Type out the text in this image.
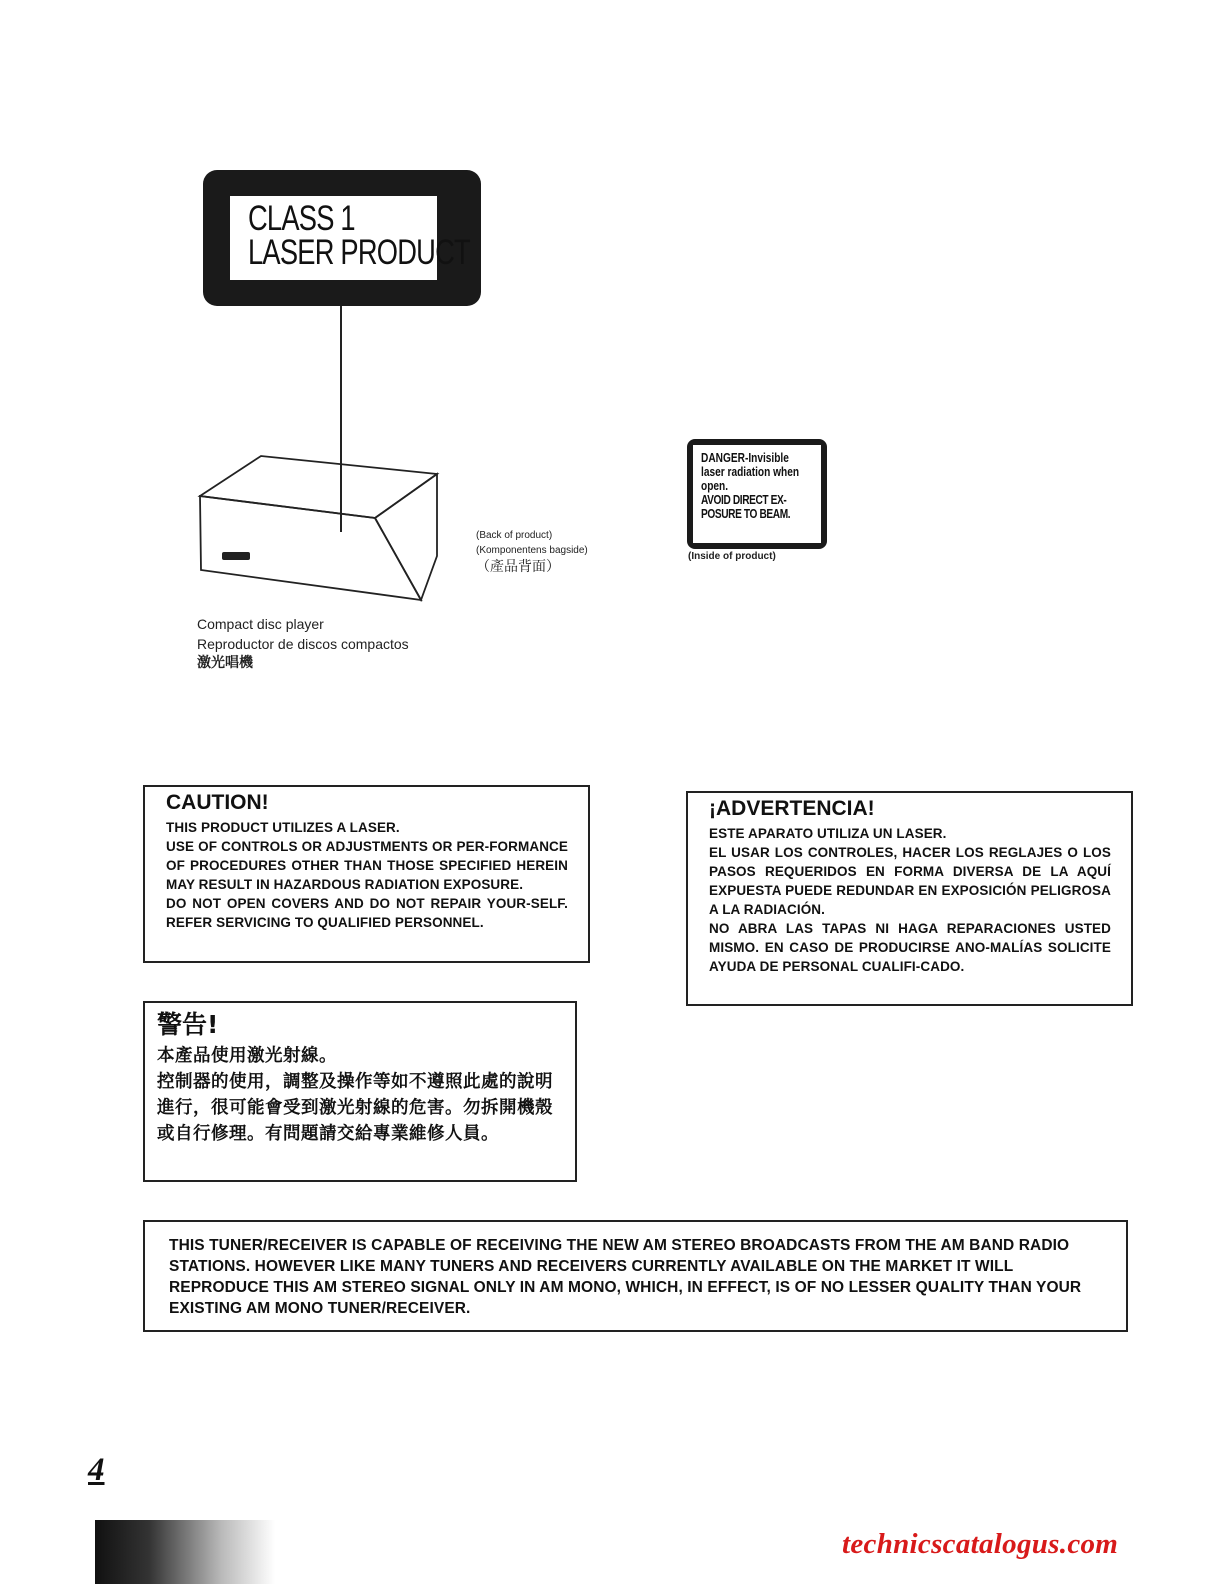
CLASS 1
LASER PRODUCT
(Back of product)
(Komponentens bagside)
（產品背面）
Compact disc player
Reproductor de discos compactos
激光唱機
DANGER-Invisible
laser radiation when
open.
AVOID DIRECT EX-
POSURE TO BEAM.
(Inside of product)
CAUTION!

THIS PRODUCT UTILIZES A LASER.

USE OF CONTROLS OR ADJUSTMENTS OR PER-FORMANCE OF PROCEDURES OTHER THAN THOSE SPECIFIED HEREIN MAY RESULT IN HAZARDOUS RADIATION EXPOSURE.

DO NOT OPEN COVERS AND DO NOT REPAIR YOUR-SELF. REFER SERVICING TO QUALIFIED PERSONNEL.

¡ADVERTENCIA!

ESTE APARATO UTILIZA UN LASER.

EL USAR LOS CONTROLES, HACER LOS REGLAJES O LOS PASOS REQUERIDOS EN FORMA DIVERSA DE LA AQUÍ EXPUESTA PUEDE REDUNDAR EN EXPOSICIÓN PELIGROSA A LA RADIACIÓN.

NO ABRA LAS TAPAS NI HAGA REPARACIONES USTED MISMO. EN CASO DE PRODUCIRSE ANO-MALÍAS SOLICITE AYUDA DE PERSONAL CUALIFI-CADO.

警告!

本產品使用激光射線。

控制器的使用，調整及操作等如不遵照此處的說明進行，很可能會受到激光射線的危害。勿拆開機殼或自行修理。有問題請交給專業維修人員。

THIS TUNER/RECEIVER IS CAPABLE OF RECEIVING THE NEW AM STEREO BROADCASTS FROM THE AM BAND RADIO STATIONS. HOWEVER LIKE MANY TUNERS AND RECEIVERS CURRENTLY AVAILABLE ON THE MARKET IT WILL REPRODUCE THIS AM STEREO SIGNAL ONLY IN AM MONO, WHICH, IN EFFECT, IS OF NO LESSER QUALITY THAN YOUR EXISTING AM MONO TUNER/RECEIVER.

4
technicscatalogus.com
